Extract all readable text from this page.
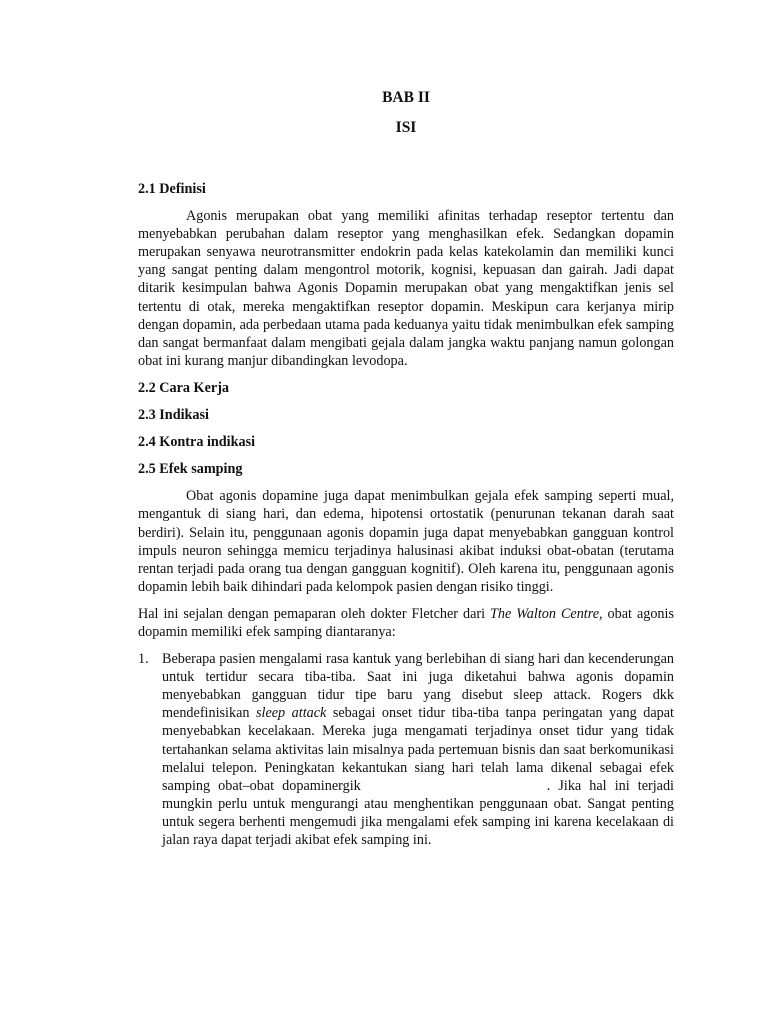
BAB II
ISI
2.1 Definisi

Agonis merupakan obat yang memiliki afinitas terhadap reseptor tertentu dan menyebabkan perubahan dalam reseptor yang menghasilkan efek. Sedangkan dopamin merupakan senyawa neurotransmitter endokrin pada kelas katekolamin dan memiliki kunci yang sangat penting dalam mengontrol motorik, kognisi, kepuasan dan gairah. Jadi dapat ditarik kesimpulan bahwa Agonis Dopamin merupakan obat yang mengaktifkan jenis sel tertentu di otak, mereka mengaktifkan reseptor dopamin. Meskipun cara kerjanya mirip dengan dopamin, ada perbedaan utama pada keduanya yaitu tidak menimbulkan efek samping dan sangat bermanfaat dalam mengibati gejala dalam jangka waktu panjang namun golongan obat ini kurang manjur dibandingkan levodopa.

2.2 Cara Kerja
2.3 Indikasi
2.4 Kontra indikasi
2.5 Efek samping

Obat agonis dopamine juga dapat menimbulkan gejala efek samping seperti mual, mengantuk di siang hari, dan edema, hipotensi ortostatik (penurunan tekanan darah saat berdiri). Selain itu, penggunaan agonis dopamin juga dapat menyebabkan gangguan kontrol impuls neuron sehingga memicu terjadinya halusinasi akibat induksi obat-obatan (terutama rentan terjadi pada orang tua dengan gangguan kognitif). Oleh karena itu, penggunaan agonis dopamin lebih baik dihindari pada kelompok pasien dengan risiko tinggi.

Hal ini sejalan dengan pemaparan oleh dokter Fletcher dari The Walton Centre, obat agonis dopamin memiliki efek samping diantaranya:

1. Beberapa pasien mengalami rasa kantuk yang berlebihan di siang hari dan kecenderungan untuk tertidur secara tiba-tiba. Saat ini juga diketahui bahwa agonis dopamin menyebabkan gangguan tidur tipe baru yang disebut sleep attack. Rogers dkk mendefinisikan sleep attack sebagai onset tidur tiba-tiba tanpa peringatan yang dapat menyebabkan kecelakaan. Mereka juga mengamati terjadinya onset tidur yang tidak tertahankan selama aktivitas lain misalnya pada pertemuan bisnis dan saat berkomunikasi melalui telepon. Peningkatan kekantukan siang hari telah lama dikenal sebagai efek samping obat–obat dopaminergik	. Jika hal ini terjadi mungkin perlu untuk mengurangi atau menghentikan penggunaan obat. Sangat penting untuk segera berhenti mengemudi jika mengalami efek samping ini karena kecelakaan di jalan raya dapat terjadi akibat efek samping ini.
